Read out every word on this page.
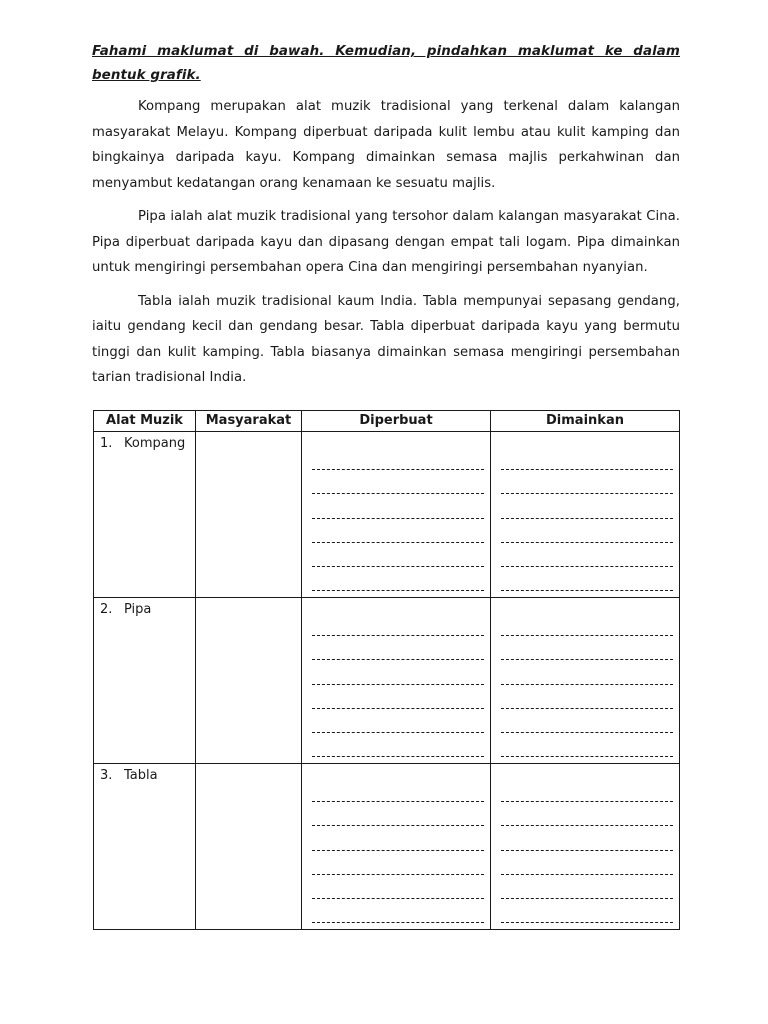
Fahami maklumat di bawah. Kemudian, pindahkan maklumat ke dalam bentuk grafik.

Kompang merupakan alat muzik tradisional yang terkenal dalam kalangan masyarakat Melayu. Kompang diperbuat daripada kulit lembu atau kulit kamping dan bingkainya daripada kayu. Kompang dimainkan semasa majlis perkahwinan dan menyambut kedatangan orang kenamaan ke sesuatu majlis.

Pipa ialah alat muzik tradisional yang tersohor dalam kalangan masyarakat Cina. Pipa diperbuat daripada kayu dan dipasang dengan empat tali logam. Pipa dimainkan untuk mengiringi persembahan opera Cina dan mengiringi persembahan nyanyian.

Tabla ialah muzik tradisional kaum India. Tabla mempunyai sepasang gendang, iaitu gendang kecil dan gendang besar. Tabla diperbuat daripada kayu yang bermutu tinggi dan kulit kamping. Tabla biasanya dimainkan semasa mengiringi persembahan tarian tradisional India.

Alat Muzik	Masyarakat	Diperbuat	Dimainkan
1. Kompang		

2. Pipa		

3. Tabla		
